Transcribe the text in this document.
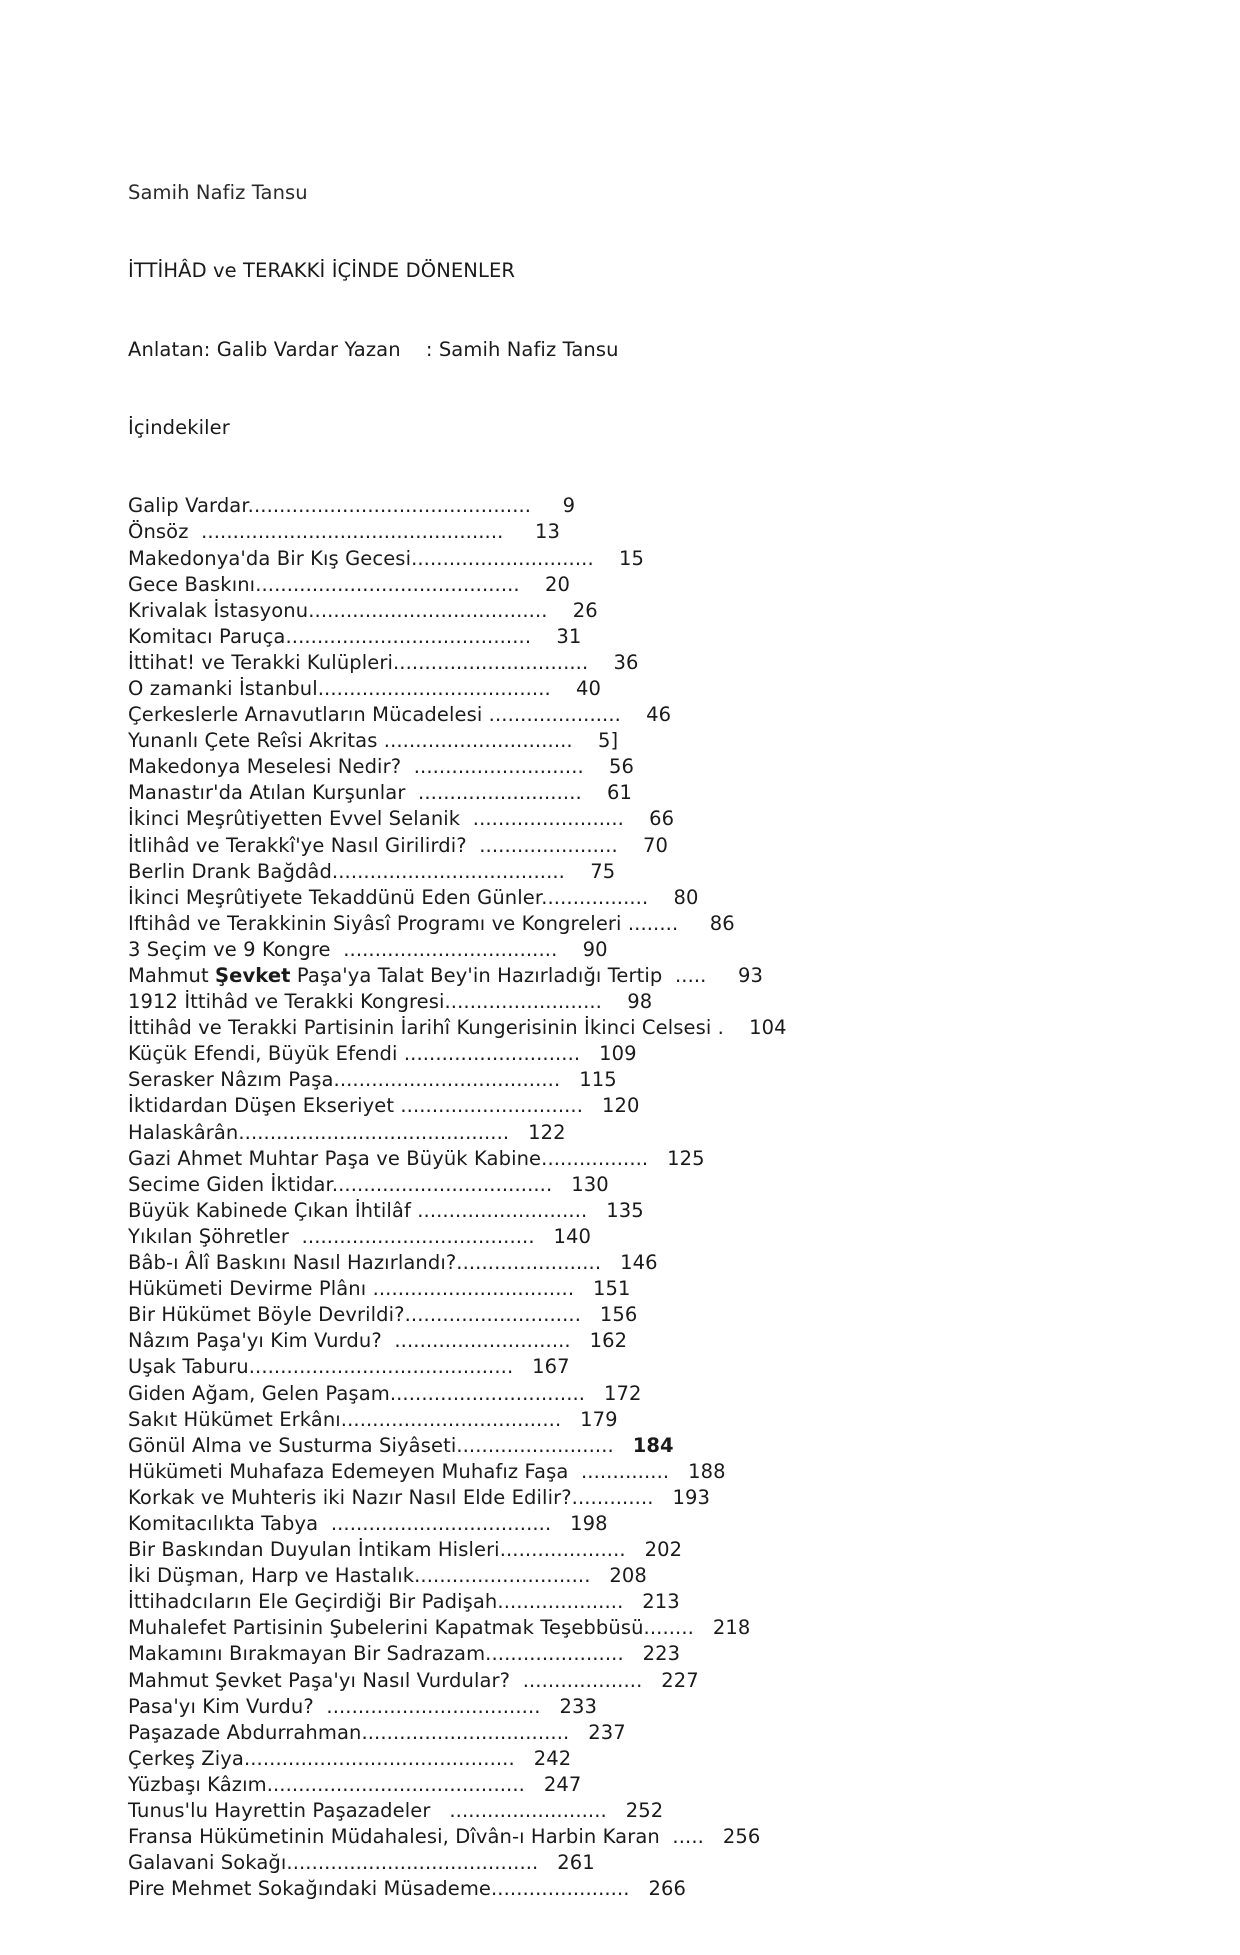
Samih Nafiz Tansu

İTTİHÂD ve TERAKKİ İÇİNDE DÖNENLER

Anlatan: Galib Vardar Yazan    : Samih Nafiz Tansu

İçindekiler

Galip Vardar............................................. 9
Önsöz  ................................................ 13
Makedonya'da Bir Kış Gecesi............................. 15
Gece Baskını.......................................... 20
Krivalak İstasyonu...................................... 26
Komitacı Paruça....................................... 31
İttihat! ve Terakki Kulüpleri............................... 36
O zamanki İstanbul..................................... 40
Çerkeslerle Arnavutların Mücadelesi ..................... 46
Yunanlı Çete Reîsi Akritas .............................. 5]
Makedonya Meselesi Nedir?  ........................... 56
Manastır'da Atılan Kurşunlar  .......................... 61
İkinci Meşrûtiyetten Evvel Selanik  ........................ 66
İtlihâd ve Terakkî'ye Nasıl Girilirdi?  ...................... 70
Berlin Drank Bağdâd..................................... 75
İkinci Meşrûtiyete Tekaddünü Eden Günler................. 80
Iftihâd ve Terakkinin Siyâsî Programı ve Kongreleri ........ 86
3 Seçim ve 9 Kongre  .................................. 90
Mahmut Şevket Paşa'ya Talat Bey'in Hazırladığı Tertip  ..... 93
1912 İttihâd ve Terakki Kongresi......................... 98
İttihâd ve Terakki Partisinin İarihî Kungerisinin İkinci Celsesi . 104
Küçük Efendi, Büyük Efendi ............................ 109
Serasker Nâzım Paşa.................................... 115
İktidardan Düşen Ekseriyet ............................. 120
Halaskârân........................................... 122
Gazi Ahmet Muhtar Paşa ve Büyük Kabine................. 125
Secime Giden İktidar................................... 130
Büyük Kabinede Çıkan İhtilâf ........................... 135
Yıkılan Şöhretler  ..................................... 140
Bâb-ı Âlî Baskını Nasıl Hazırlandı?....................... 146
Hükümeti Devirme Plânı ................................ 151
Bir Hükümet Böyle Devrildi?............................ 156
Nâzım Paşa'yı Kim Vurdu?  ............................ 162
Uşak Taburu.......................................... 167
Giden Ağam, Gelen Paşam............................... 172
Sakıt Hükümet Erkânı................................... 179
Gönül Alma ve Susturma Siyâseti......................... 184
Hükümeti Muhafaza Edemeyen Muhafız Faşa  .............. 188
Korkak ve Muhteris iki Nazır Nasıl Elde Edilir?............. 193
Komitacılıkta Tabya  ................................... 198
Bir Baskından Duyulan İntikam Hisleri.................... 202
İki Düşman, Harp ve Hastalık............................ 208
İttihadcıların Ele Geçirdiği Bir Padişah.................... 213
Muhalefet Partisinin Şubelerini Kapatmak Teşebbüsü........ 218
Makamını Bırakmayan Bir Sadrazam...................... 223
Mahmut Şevket Paşa'yı Nasıl Vurdular?  ................... 227
Pasa'yı Kim Vurdu?  .................................. 233
Paşazade Abdurrahman................................. 237
Çerkeş Ziya........................................... 242
Yüzbaşı Kâzım......................................... 247
Tunus'lu Hayrettin Paşazadeler   ......................... 252
Fransa Hükümetinin Müdahalesi, Dîvân-ı Harbin Karan  ..... 256
Galavani Sokağı........................................ 261
Pire Mehmet Sokağındaki Müsademe...................... 266
